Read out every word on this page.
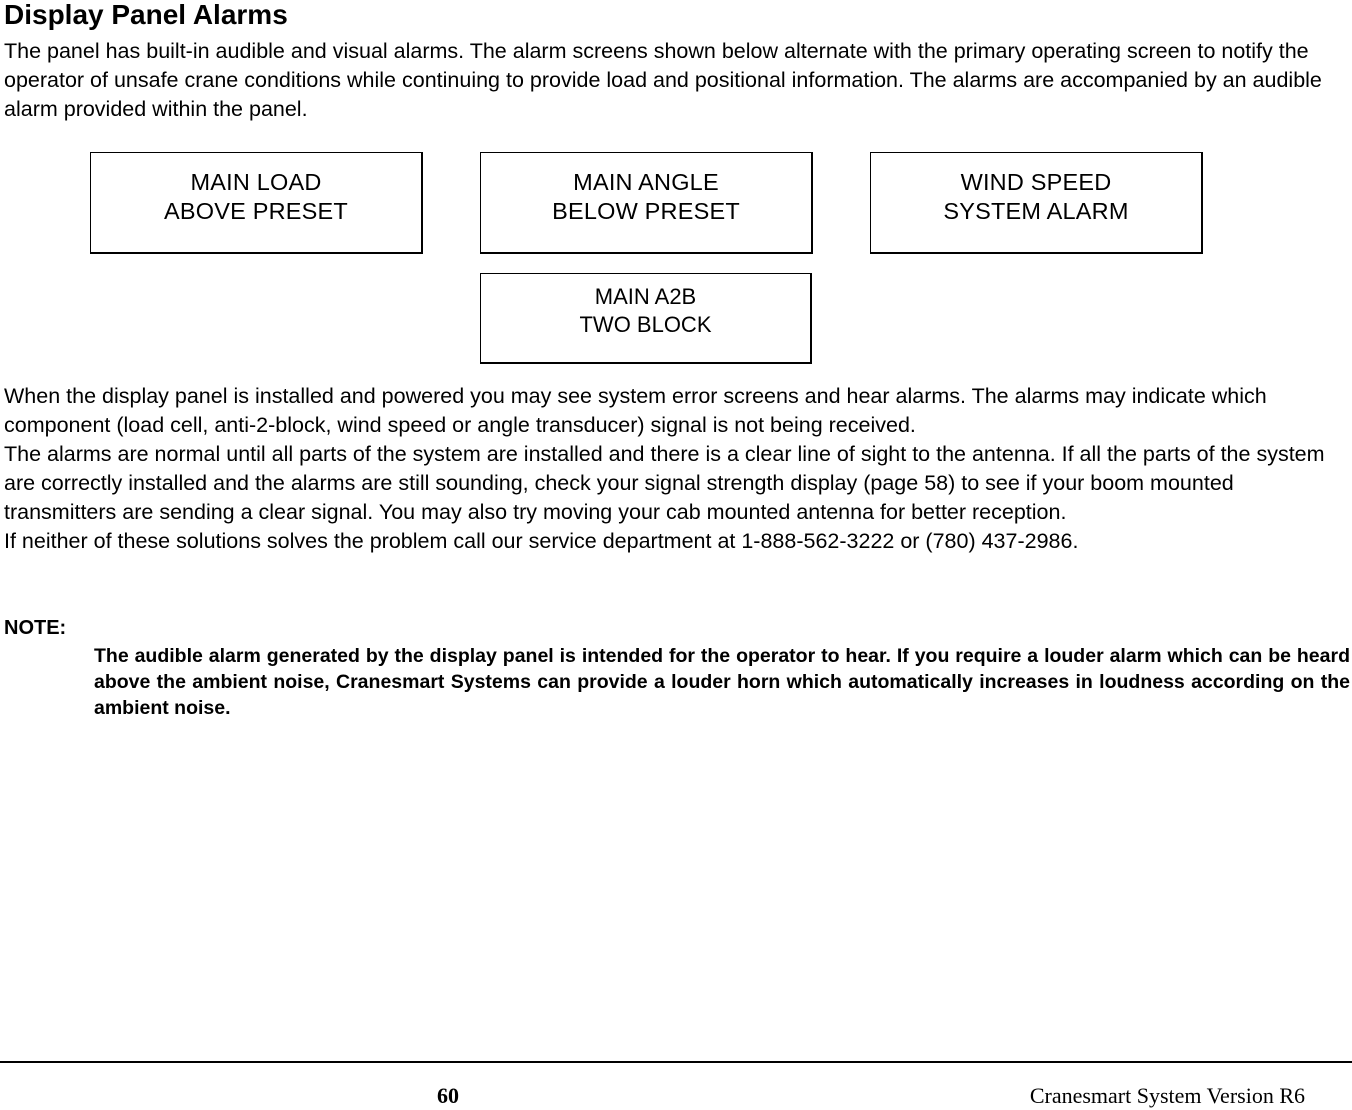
Display Panel Alarms

The panel has built-in audible and visual alarms. The alarm screens shown below alternate with the primary operating screen to notify the operator of unsafe crane conditions while continuing to provide load and positional information. The alarms are accompanied by an audible alarm provided within the panel.

MAIN LOAD
ABOVE PRESET
MAIN ANGLE
BELOW PRESET
WIND SPEED
SYSTEM ALARM
MAIN A2B
TWO BLOCK
When the display panel is installed and powered you may see system error screens and hear alarms. The alarms may indicate which component (load cell, anti-2-block, wind speed or angle transducer) signal is not being received.
The alarms are normal until all parts of the system are installed and there is a clear line of sight to the antenna. If all the parts of the system are correctly installed and the alarms are still sounding, check your signal strength display (page 58) to see if your boom mounted transmitters are sending a clear signal. You may also try moving your cab mounted antenna for better reception.
If neither of these solutions solves the problem call our service department at 1-888-562-3222 or (780) 437-2986.

NOTE:

The audible alarm generated by the display panel is intended for the operator to hear. If you require a louder alarm which can be heard above the ambient noise, Cranesmart Systems can provide a louder horn which automatically increases in loudness according on the ambient noise.

60	Cranesmart System Version R6
